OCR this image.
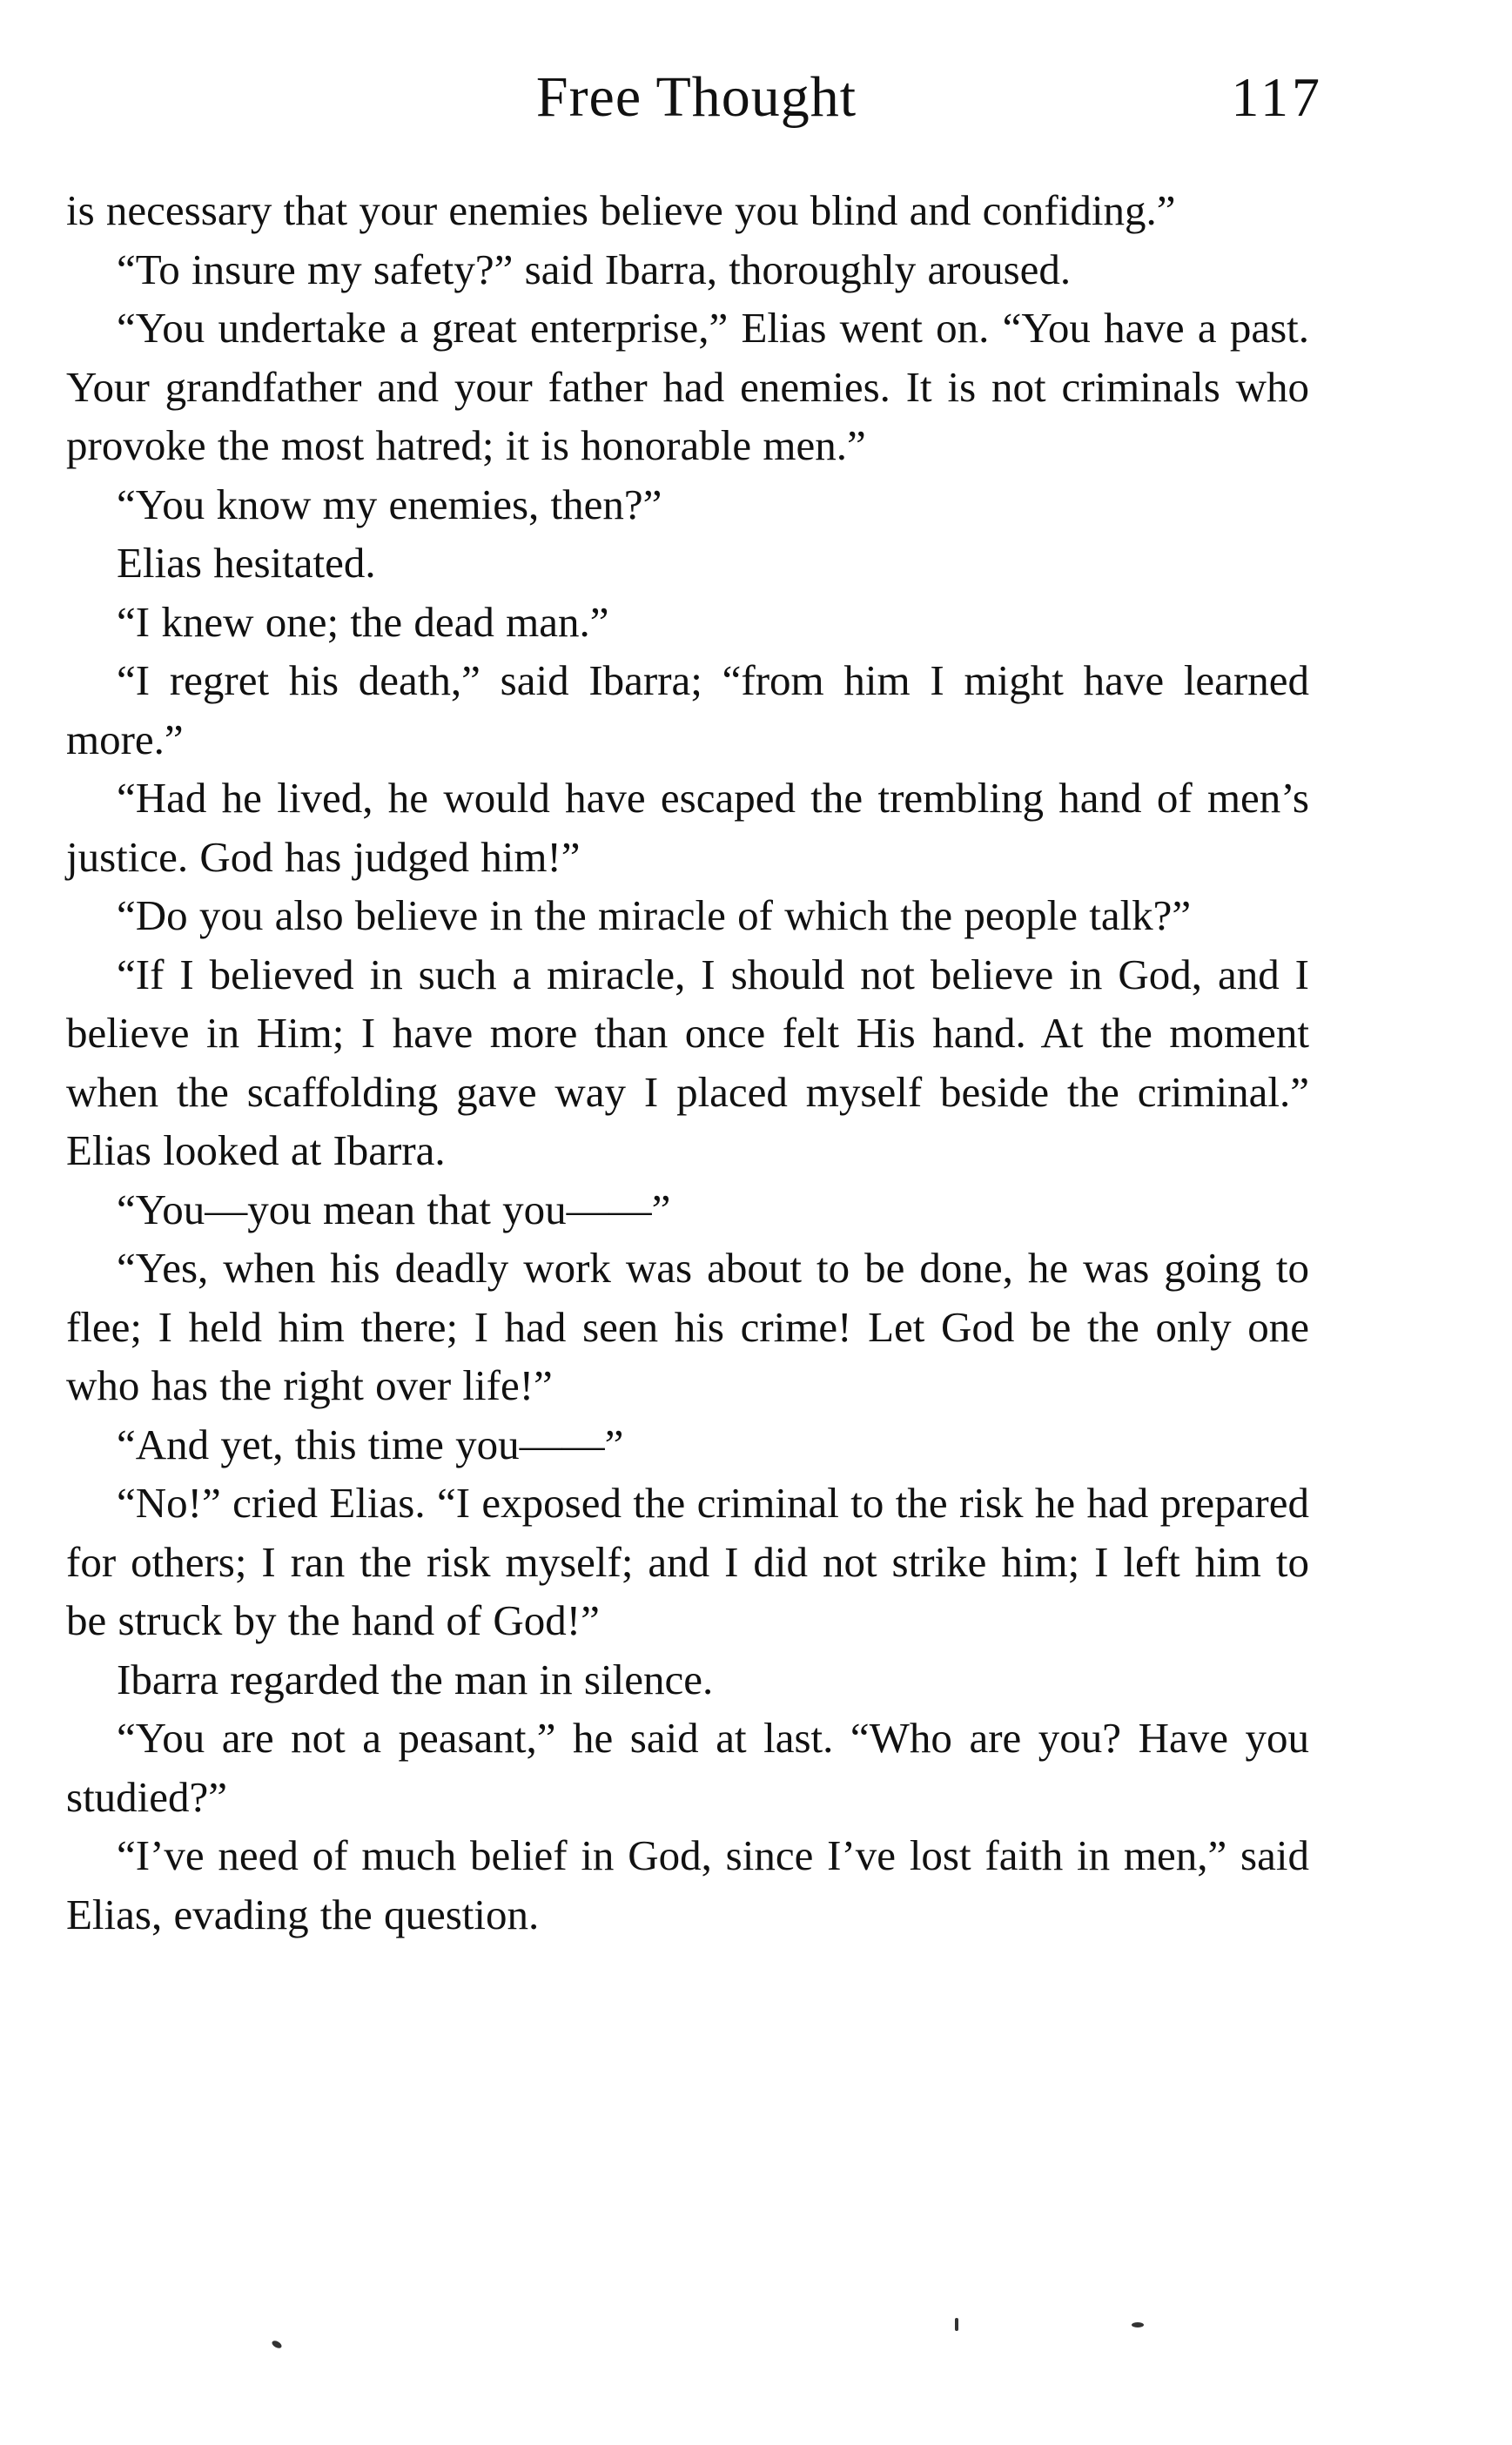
Free Thought	117

is necessary that your enemies believe you blind and confiding.”

“To insure my safety?” said Ibarra, thoroughly aroused.

“You undertake a great enterprise,” Elias went on. “You have a past. Your grandfather and your father had enemies. It is not criminals who provoke the most hatred; it is honorable men.”

“You know my enemies, then?”

Elias hesitated.

“I knew one; the dead man.”

“I regret his death,” said Ibarra; “from him I might have learned more.”

“Had he lived, he would have escaped the trembling hand of men’s justice. God has judged him!”

“Do you also believe in the miracle of which the people talk?”

“If I believed in such a miracle, I should not believe in God, and I believe in Him; I have more than once felt His hand. At the moment when the scaffolding gave way I placed myself beside the criminal.” Elias looked at Ibarra.

“You—you mean that you——”

“Yes, when his deadly work was about to be done, he was going to flee; I held him there; I had seen his crime! Let God be the only one who has the right over life!”

“And yet, this time you——”

“No!” cried Elias. “I exposed the criminal to the risk he had prepared for others; I ran the risk myself; and I did not strike him; I left him to be struck by the hand of God!”

Ibarra regarded the man in silence.

“You are not a peasant,” he said at last. “Who are you? Have you studied?”

“I’ve need of much belief in God, since I’ve lost faith in men,” said Elias, evading the question.
